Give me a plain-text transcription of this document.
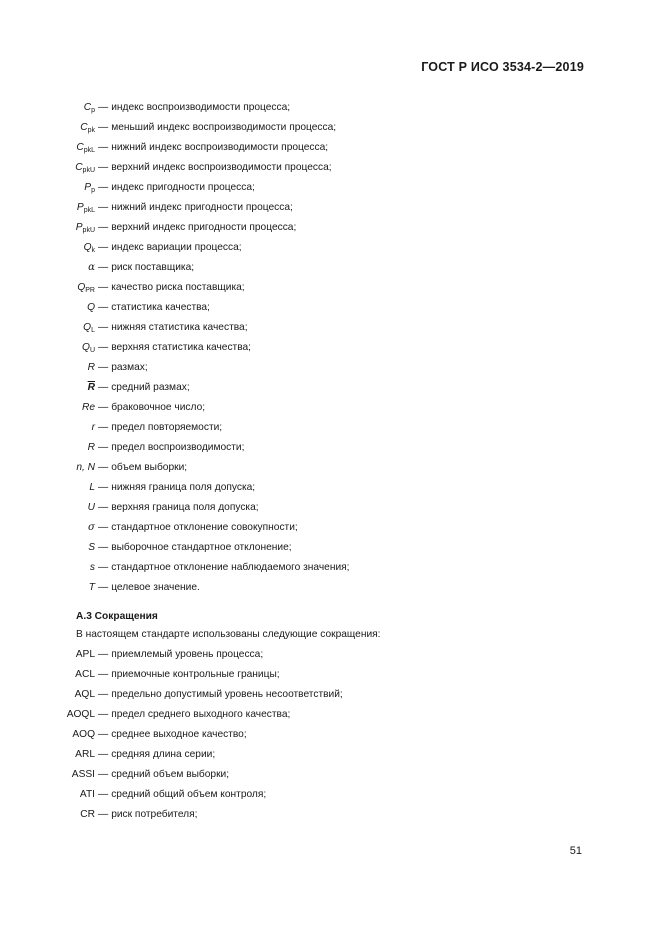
ГОСТ Р ИСО 3534-2—2019
$C_p$ — индекс воспроизводимости процесса;
$C_{pk}$ — меньший индекс воспроизводимости процесса;
$C_{pkL}$ — нижний индекс воспроизводимости процесса;
$C_{pkU}$ — верхний индекс воспроизводимости процесса;
$P_p$ — индекс пригодности процесса;
$P_{pkL}$ — нижний индекс пригодности процесса;
$P_{pkU}$ — верхний индекс пригодности процесса;
$Q_k$ — индекс вариации процесса;
α — риск поставщика;
$Q_{PR}$ — качество риска поставщика;
Q — статистика качества;
$Q_L$ — нижняя статистика качества;
$Q_U$ — верхняя статистика качества;
R — размах;
$\overline{R}$ — средний размах;
Re — браковочное число;
r — предел повторяемости;
R — предел воспроизводимости;
n, N — объем выборки;
L — нижняя граница поля допуска;
U — верхняя граница поля допуска;
σ — стандартное отклонение совокупности;
S — выборочное стандартное отклонение;
s — стандартное отклонение наблюдаемого значения;
T — целевое значение.
А.3 Сокращения
В настоящем стандарте использованы следующие сокращения:
APL — приемлемый уровень процесса;
ACL — приемочные контрольные границы;
AQL — предельно допустимый уровень несоответствий;
AOQL — предел среднего выходного качества;
AOQ — среднее выходное качество;
ARL — средняя длина серии;
ASSI — средний объем выборки;
ATI — средний общий объем контроля;
CR — риск потребителя;
51
